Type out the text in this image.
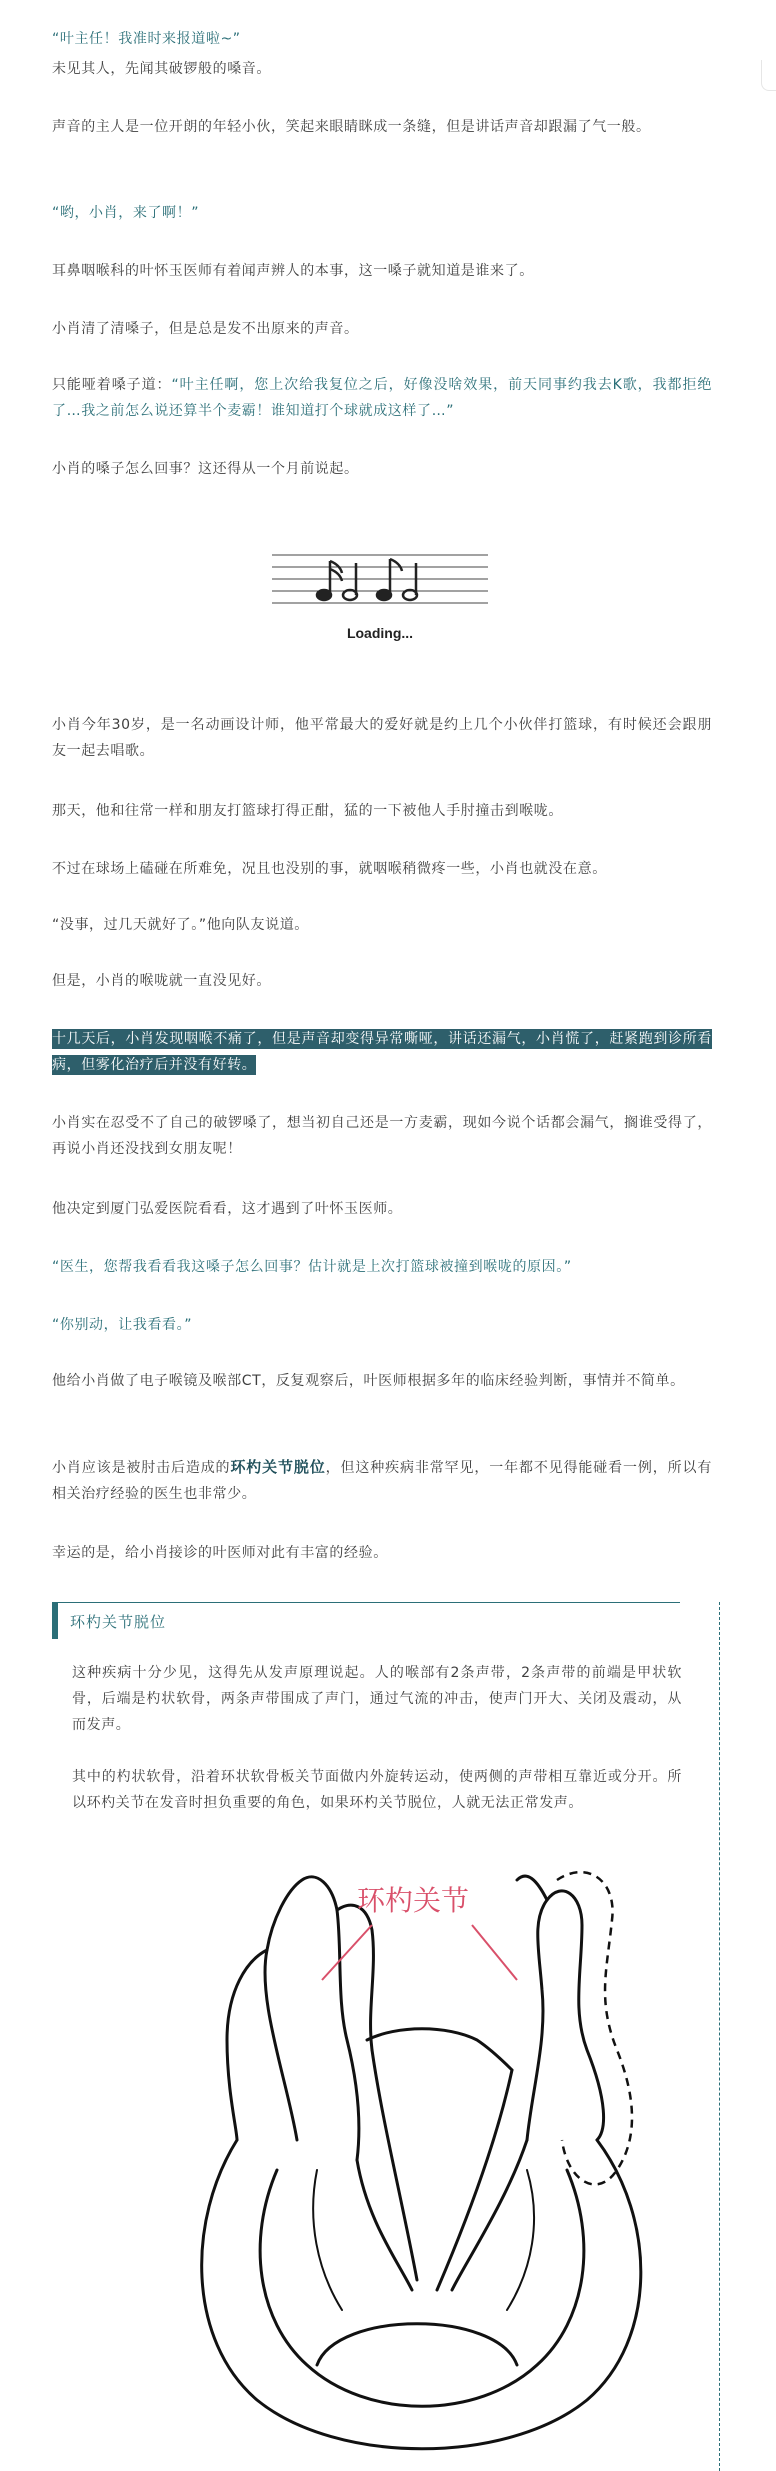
“叶主任！我准时来报道啦~”

未见其人，先闻其破锣般的嗓音。

声音的主人是一位开朗的年轻小伙，笑起来眼睛眯成一条缝，但是讲话声音却跟漏了气一般。

“哟，小肖，来了啊！”

耳鼻咽喉科的叶怀玉医师有着闻声辨人的本事，这一嗓子就知道是谁来了。

小肖清了清嗓子，但是总是发不出原来的声音。

只能哑着嗓子道：“叶主任啊，您上次给我复位之后，好像没啥效果，前天同事约我去K歌，我都拒绝了…我之前怎么说还算半个麦霸！谁知道打个球就成这样了…”

小肖的嗓子怎么回事？这还得从一个月前说起。

Loading...

小肖今年30岁，是一名动画设计师，他平常最大的爱好就是约上几个小伙伴打篮球，有时候还会跟朋友一起去唱歌。

那天，他和往常一样和朋友打篮球打得正酣，猛的一下被他人手肘撞击到喉咙。

不过在球场上磕碰在所难免，况且也没别的事，就咽喉稍微疼一些，小肖也就没在意。

“没事，过几天就好了。”他向队友说道。

但是，小肖的喉咙就一直没见好。

十几天后，小肖发现咽喉不痛了，但是声音却变得异常嘶哑，讲话还漏气，小肖慌了，赶紧跑到诊所看病，但雾化治疗后并没有好转。

小肖实在忍受不了自己的破锣嗓了，想当初自己还是一方麦霸，现如今说个话都会漏气，搁谁受得了，再说小肖还没找到女朋友呢！

他决定到厦门弘爱医院看看，这才遇到了叶怀玉医师。

“医生，您帮我看看我这嗓子怎么回事？估计就是上次打篮球被撞到喉咙的原因。”

“你别动，让我看看。”

他给小肖做了电子喉镜及喉部CT，反复观察后，叶医师根据多年的临床经验判断，事情并不简单。

小肖应该是被肘击后造成的环杓关节脱位，但这种疾病非常罕见，一年都不见得能碰看一例，所以有相关治疗经验的医生也非常少。

幸运的是，给小肖接诊的叶医师对此有丰富的经验。

环杓关节脱位

这种疾病十分少见，这得先从发声原理说起。人的喉部有2条声带，2条声带的前端是甲状软骨，后端是杓状软骨，两条声带围成了声门，通过气流的冲击，使声门开大、关闭及震动，从而发声。

其中的杓状软骨，沿着环状软骨板关节面做内外旋转运动，使两侧的声带相互靠近或分开。所以环杓关节在发音时担负重要的角色，如果环杓关节脱位，人就无法正常发声。

环杓关节
